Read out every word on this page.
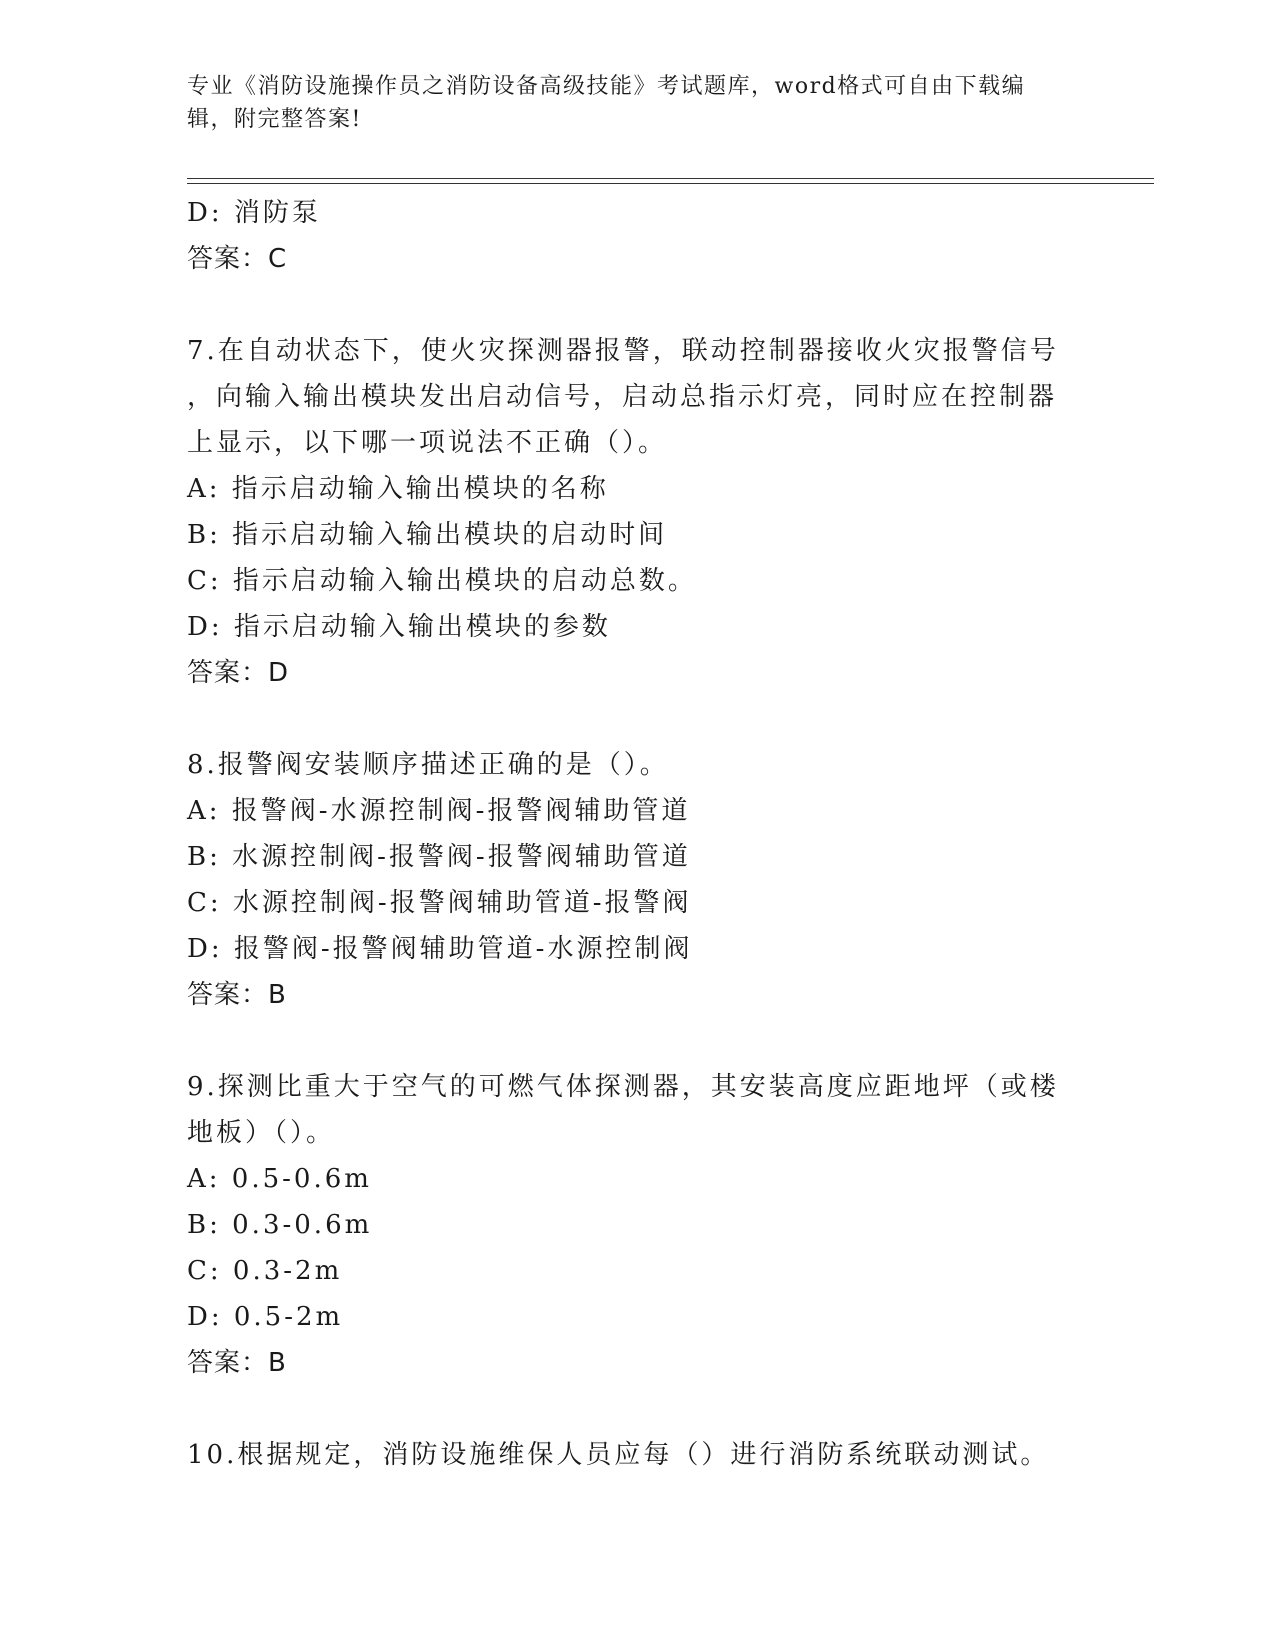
专业《消防设施操作员之消防设备高级技能》考试题库，word格式可自由下载编
辑，附完整答案!
D: 消防泵
答案：C
7.在自动状态下，使火灾探测器报警，联动控制器接收火灾报警信号
，向输入输出模块发出启动信号，启动总指示灯亮，同时应在控制器
上显示，以下哪一项说法不正确（）。
A: 指示启动输入输出模块的名称
B: 指示启动输入输出模块的启动时间
C: 指示启动输入输出模块的启动总数。
D: 指示启动输入输出模块的参数
答案：D
8.报警阀安装顺序描述正确的是（）。
A: 报警阀-水源控制阀-报警阀辅助管道
B: 水源控制阀-报警阀-报警阀辅助管道
C: 水源控制阀-报警阀辅助管道-报警阀
D: 报警阀-报警阀辅助管道-水源控制阀
答案：B
9.探测比重大于空气的可燃气体探测器，其安装高度应距地坪（或楼
地板）（）。
A: 0.5-0.6m
B: 0.3-0.6m
C: 0.3-2m
D: 0.5-2m
答案：B
10.根据规定，消防设施维保人员应每（）进行消防系统联动测试。
